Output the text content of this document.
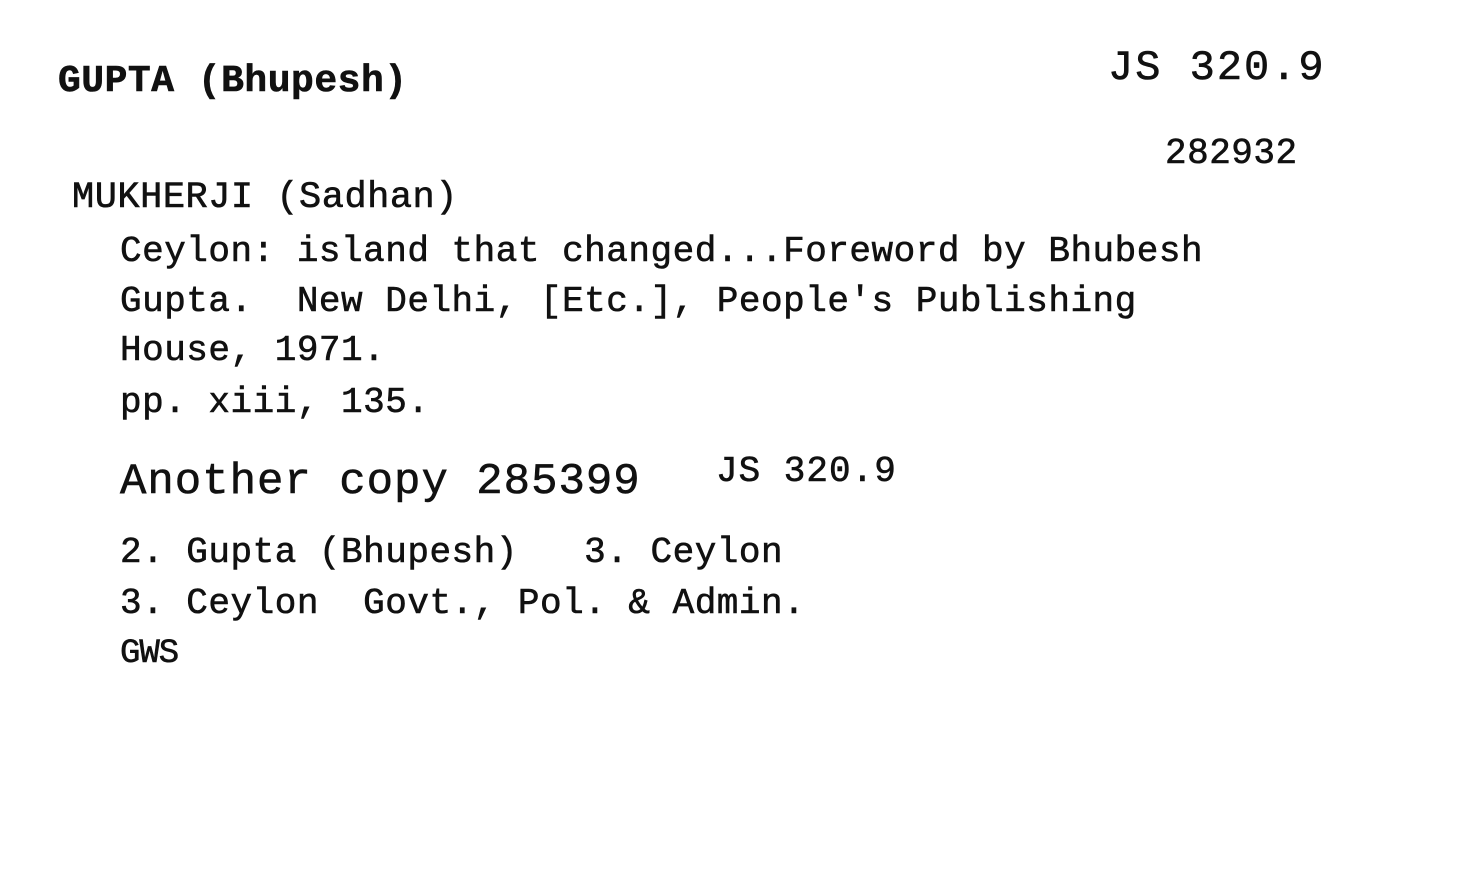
GUPTA (Bhupesh)	JS 320.9
282932
MUKHERJI (Sadhan)
Ceylon: island that changed...Foreword by Bhubesh
Gupta.  New Delhi, [Etc.], People's Publishing
House, 1971.
pp. xiii, 135.
Another copy 285399 JS 320.9
2. Gupta (Bhupesh)   3. Ceylon
3. Ceylon  Govt., Pol. & Admin.
GWS
